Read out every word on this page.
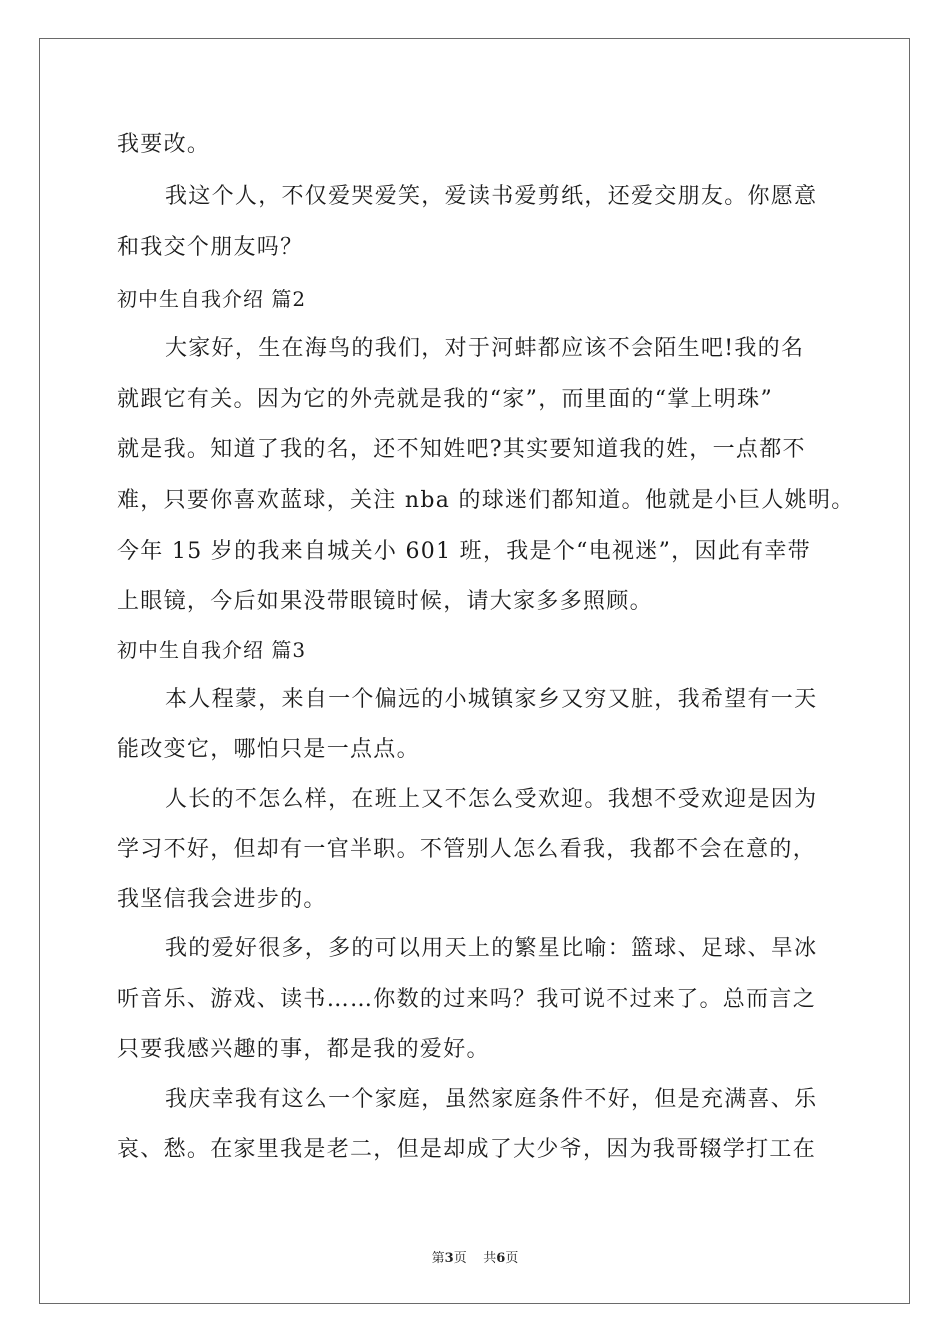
我要改。
我这个人，不仅爱哭爱笑，爱读书爱剪纸，还爱交朋友。你愿意
和我交个朋友吗？
初中生自我介绍 篇2
大家好，生在海鸟的我们，对于河蚌都应该不会陌生吧!我的名
就跟它有关。因为它的外壳就是我的“家”，而里面的“掌上明珠”
就是我。知道了我的名，还不知姓吧?其实要知道我的姓，一点都不
难，只要你喜欢蓝球，关注 nba 的球迷们都知道。他就是小巨人姚明。
今年 15 岁的我来自城关小 601 班，我是个“电视迷”，因此有幸带
上眼镜，今后如果没带眼镜时候，请大家多多照顾。
初中生自我介绍 篇3
本人程蒙，来自一个偏远的小城镇家乡又穷又脏，我希望有一天
能改变它，哪怕只是一点点。
人长的不怎么样，在班上又不怎么受欢迎。我想不受欢迎是因为
学习不好，但却有一官半职。不管别人怎么看我，我都不会在意的，
我坚信我会进步的。
我的爱好很多，多的可以用天上的繁星比喻：篮球、足球、旱冰
听音乐、游戏、读书……你数的过来吗？我可说不过来了。总而言之
只要我感兴趣的事，都是我的爱好。
我庆幸我有这么一个家庭，虽然家庭条件不好，但是充满喜、乐
哀、愁。在家里我是老二，但是却成了大少爷，因为我哥辍学打工在
第3页 共6页
